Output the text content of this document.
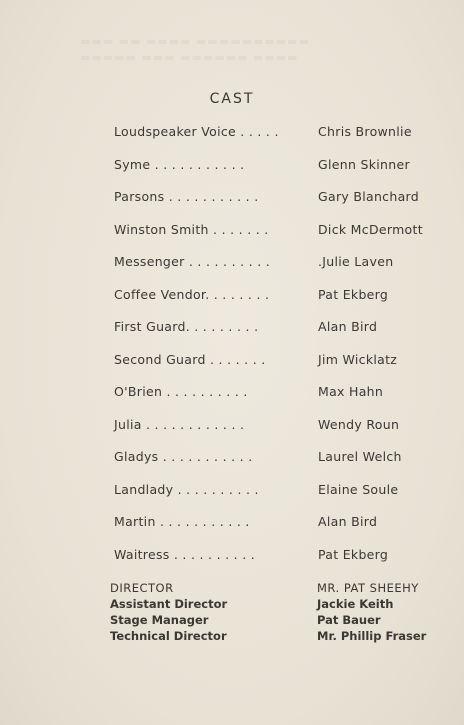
▬▬▬ ▬▬ ▬▬▬▬ ▬▬▬▬▬▬▬▬▬▬
▬▬▬▬▬ ▬▬▬ ▬▬▬▬▬▬ ▬▬▬▬
CAST
Loudspeaker Voice . . . . .	Chris Brownlie
Syme . . . . . . . . . . .	Glenn Skinner
Parsons . . . . . . . . . . .	Gary Blanchard
Winston Smith . . . . . . .	Dick McDermott
Messenger . . . . . . . . . .	.Julie Laven
Coffee Vendor. . . . . . . .	Pat Ekberg
First Guard. . . . . . . . .	Alan Bird
Second Guard . . . . . . .	Jim Wicklatz
O'Brien . . . . . . . . . .	Max Hahn
Julia . . . . . . . . . . . .	Wendy Roun
Gladys . . . . . . . . . . .	Laurel Welch
Landlady . . . . . . . . . .	Elaine Soule
Martin . . . . . . . . . . .	Alan Bird
Waitress . . . . . . . . . .	Pat Ekberg
DIRECTOR	MR. PAT SHEEHY
Assistant Director	Jackie Keith
Stage Manager	Pat Bauer
Technical Director	Mr. Phillip Fraser
